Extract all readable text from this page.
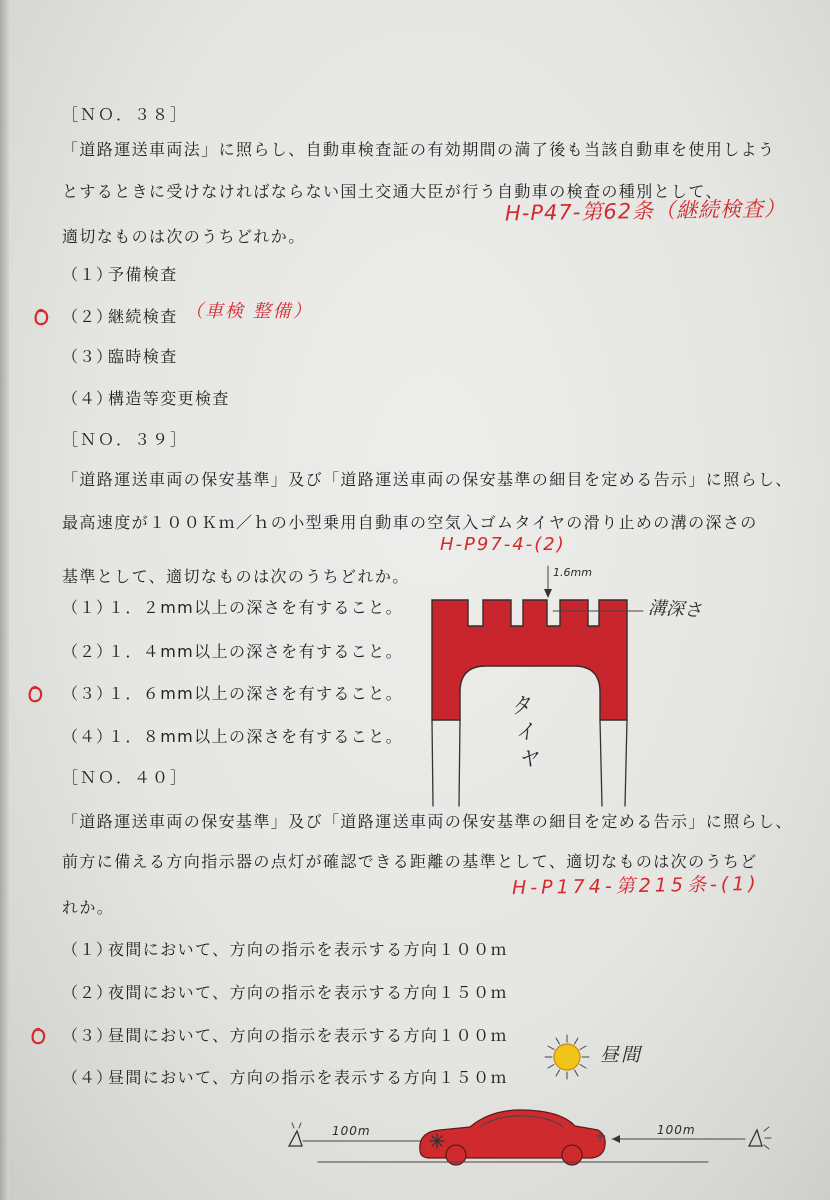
［ＮＯ．３８］
「道路運送車両法」に照らし、自動車検査証の有効期間の満了後も当該自動車を使用しよう
とするときに受けなければならない国土交通大臣が行う自動車の検査の種別として、
適切なものは次のうちどれか。
（１）
予備検査
（２）
継続検査
（３）
臨時検査
（４）
構造等変更検査
［ＮＯ．３９］
「道路運送車両の保安基準」及び「道路運送車両の保安基準の細目を定める告示」に照らし、
最高速度が１００Ｋｍ／ｈの小型乗用自動車の空気入ゴムタイヤの滑り止めの溝の深さの
基準として、適切なものは次のうちどれか。
（１）
１．２mm以上の深さを有すること。
（２）
１．４mm以上の深さを有すること。
（３）
１．６mm以上の深さを有すること。
（４）
１．８mm以上の深さを有すること。
［ＮＯ．４０］
「道路運送車両の保安基準」及び「道路運送車両の保安基準の細目を定める告示」に照らし、
前方に備える方向指示器の点灯が確認できる距離の基準として、適切なものは次のうちど
れか。
（１）
夜間において、方向の指示を表示する方向１００ｍ
（２）
夜間において、方向の指示を表示する方向１５０ｍ
（３）
昼間において、方向の指示を表示する方向１００ｍ
（４）
昼間において、方向の指示を表示する方向１５０ｍ
H-P47-第62条（継続検査）
（車検 整備）
H-P97-4-(2)
H-P174-第215条-(1)
1.6mm
溝深さ
タイヤ
昼間
100m	100m
